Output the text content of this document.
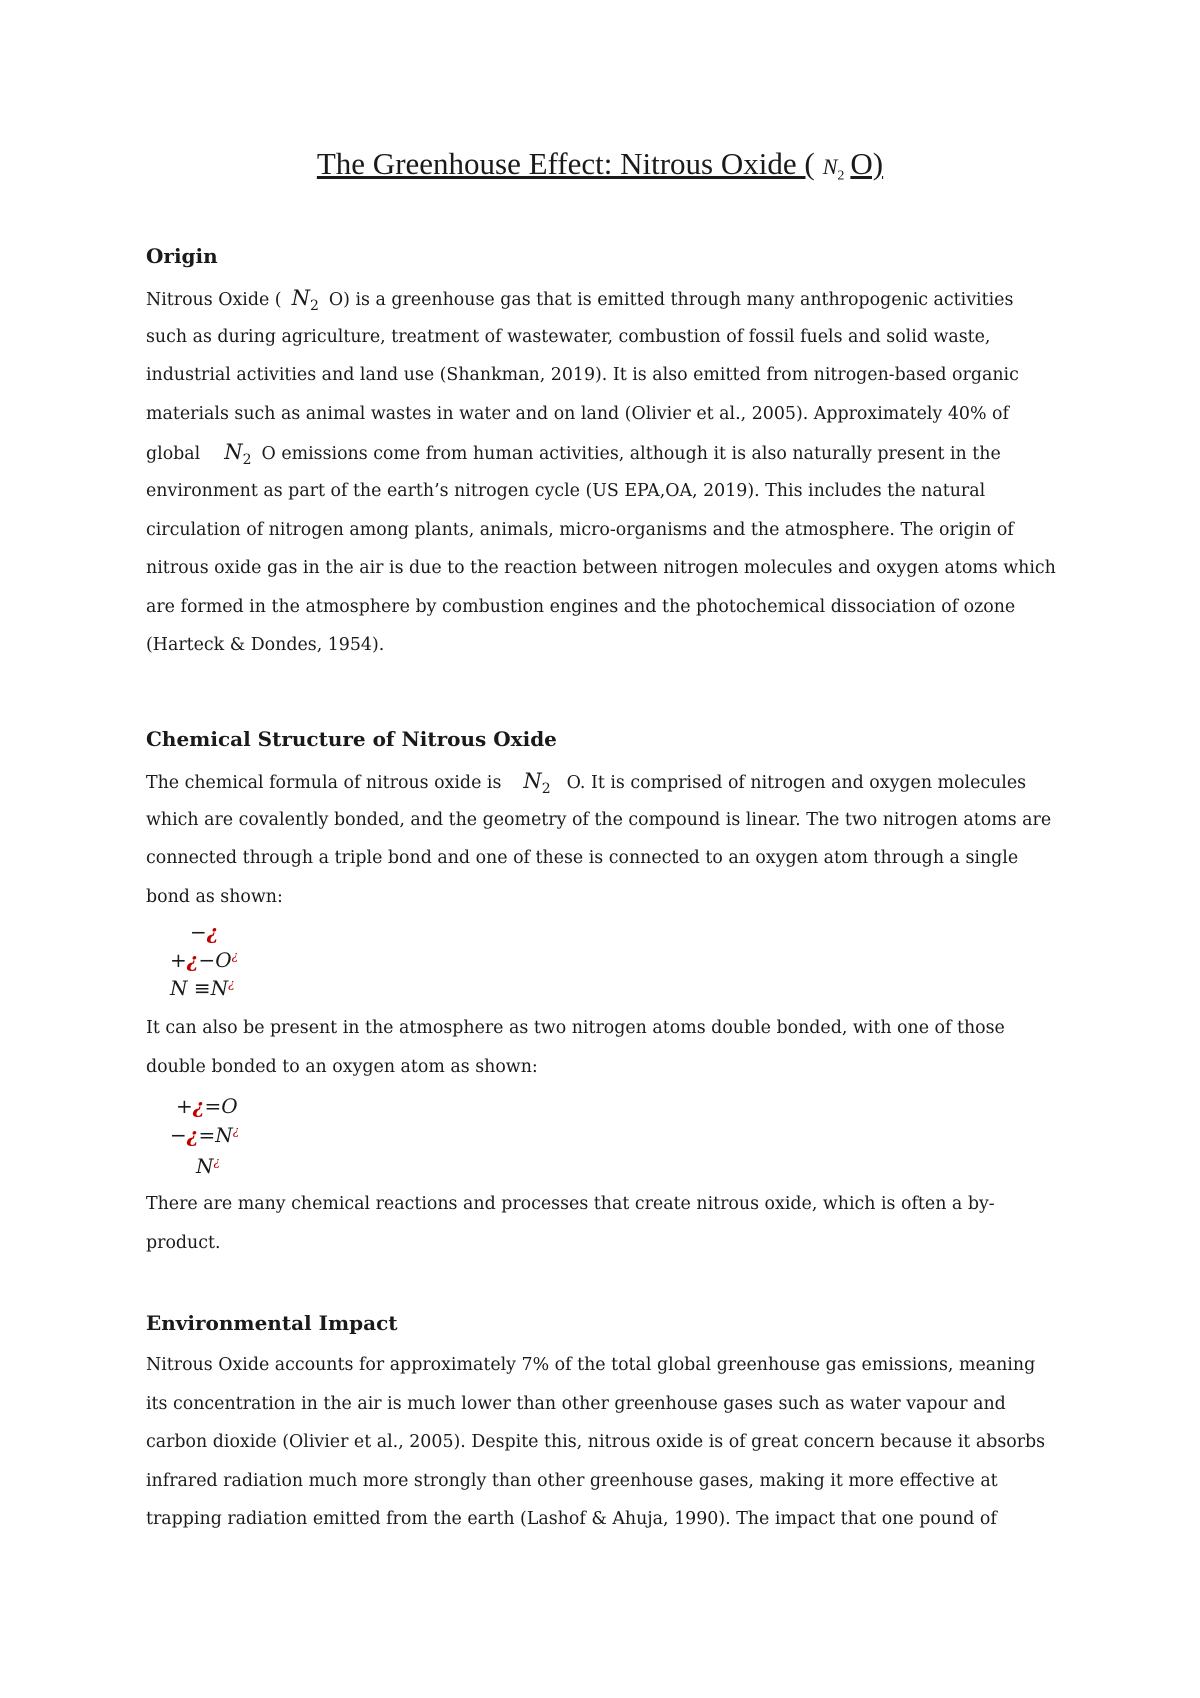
The Greenhouse Effect: Nitrous Oxide ( $N_2$ O)
Origin
Nitrous Oxide ( $N_2$ O) is a greenhouse gas that is emitted through many anthropogenic activities
such as during agriculture, treatment of wastewater, combustion of fossil fuels and solid waste,
industrial activities and land use (Shankman, 2019). It is also emitted from nitrogen-based organic
materials such as animal wastes in water and on land (Olivier et al., 2005). Approximately 40% of
global $N_2$ O emissions come from human activities, although it is also naturally present in the
environment as part of the earth’s nitrogen cycle (US EPA,OA, 2019). This includes the natural
circulation of nitrogen among plants, animals, micro-organisms and the atmosphere. The origin of
nitrous oxide gas in the air is due to the reaction between nitrogen molecules and oxygen atoms which
are formed in the atmosphere by combustion engines and the photochemical dissociation of ozone
(Harteck & Dondes, 1954).
Chemical Structure of Nitrous Oxide
The chemical formula of nitrous oxide is $N_2$ O. It is comprised of nitrogen and oxygen molecules
which are covalently bonded, and the geometry of the compound is linear. The two nitrogen atoms are
connected through a triple bond and one of these is connected to an oxygen atom through a single
bond as shown:
−¿
+¿−O¿
N ≡N¿
It can also be present in the atmosphere as two nitrogen atoms double bonded, with one of those
double bonded to an oxygen atom as shown:
+¿=O
−¿=N¿
N¿
There are many chemical reactions and processes that create nitrous oxide, which is often a by-
product.
Environmental Impact
Nitrous Oxide accounts for approximately 7% of the total global greenhouse gas emissions, meaning
its concentration in the air is much lower than other greenhouse gases such as water vapour and
carbon dioxide (Olivier et al., 2005). Despite this, nitrous oxide is of great concern because it absorbs
infrared radiation much more strongly than other greenhouse gases, making it more effective at
trapping radiation emitted from the earth (Lashof & Ahuja, 1990). The impact that one pound of
